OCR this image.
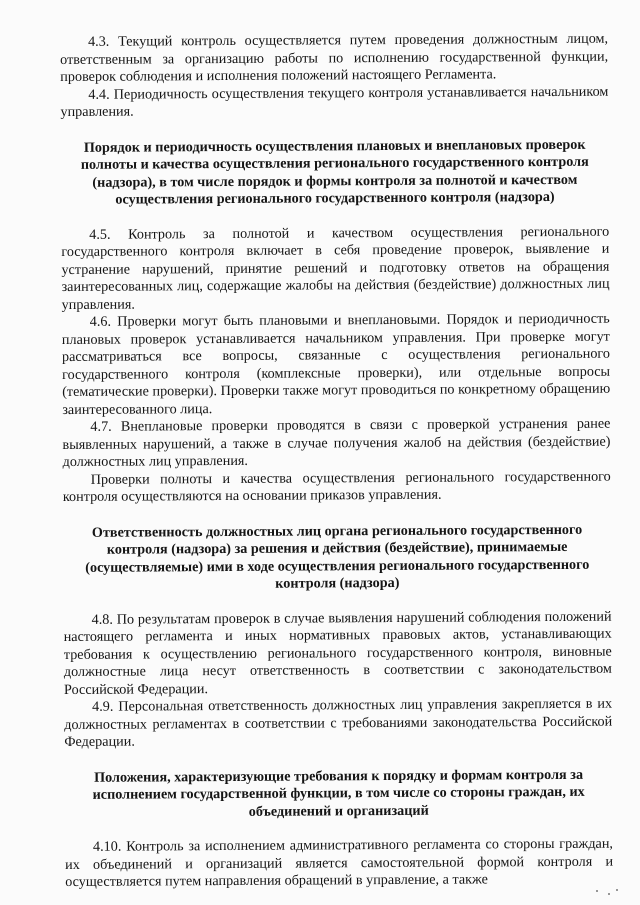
4.3. Текущий контроль осуществляется путем проведения должностным лицом, ответственным за организацию работы по исполнению государственной функции, проверок соблюдения и исполнения положений настоящего Регламента.

4.4. Периодичность осуществления текущего контроля устанавливается начальником управления.

Порядок и периодичность осуществления плановых и внеплановых проверок полноты и качества осуществления регионального государственного контроля (надзора), в том числе порядок и формы контроля за полнотой и качеством осуществления регионального государственного контроля (надзора)

4.5. Контроль за полнотой и качеством осуществления регионального государственного контроля включает в себя проведение проверок, выявление и устранение нарушений, принятие решений и подготовку ответов на обращения заинтересованных лиц, содержащие жалобы на действия (бездействие) должностных лиц управления.

4.6. Проверки могут быть плановыми и внеплановыми. Порядок и периодичность плановых проверок устанавливается начальником управления. При проверке могут рассматриваться все вопросы, связанные с осуществления регионального государственного контроля (комплексные проверки), или отдельные вопросы (тематические проверки). Проверки также могут проводиться по конкретному обращению заинтересованного лица.

4.7. Внеплановые проверки проводятся в связи с проверкой устранения ранее выявленных нарушений, а также в случае получения жалоб на действия (бездействие) должностных лиц управления.

Проверки полноты и качества осуществления регионального государственного контроля осуществляются на основании приказов управления.

Ответственность должностных лиц органа регионального государственного контроля (надзора) за решения и действия (бездействие), принимаемые (осуществляемые) ими в ходе осуществления регионального государственного контроля (надзора)

4.8. По результатам проверок в случае выявления нарушений соблюдения положений настоящего регламента и иных нормативных правовых актов, устанавливающих требования к осуществлению регионального государственного контроля, виновные должностные лица несут ответственность в соответствии с законодательством Российской Федерации.

4.9. Персональная ответственность должностных лиц управления закрепляется в их должностных регламентах в соответствии с требованиями законодательства Российской Федерации.

Положения, характеризующие требования к порядку и формам контроля за исполнением государственной функции, в том числе со стороны граждан, их объединений и организаций

4.10. Контроль за исполнением административного регламента со стороны граждан, их объединений и организаций является самостоятельной формой контроля и осуществляется путем направления обращений в управление, а также
